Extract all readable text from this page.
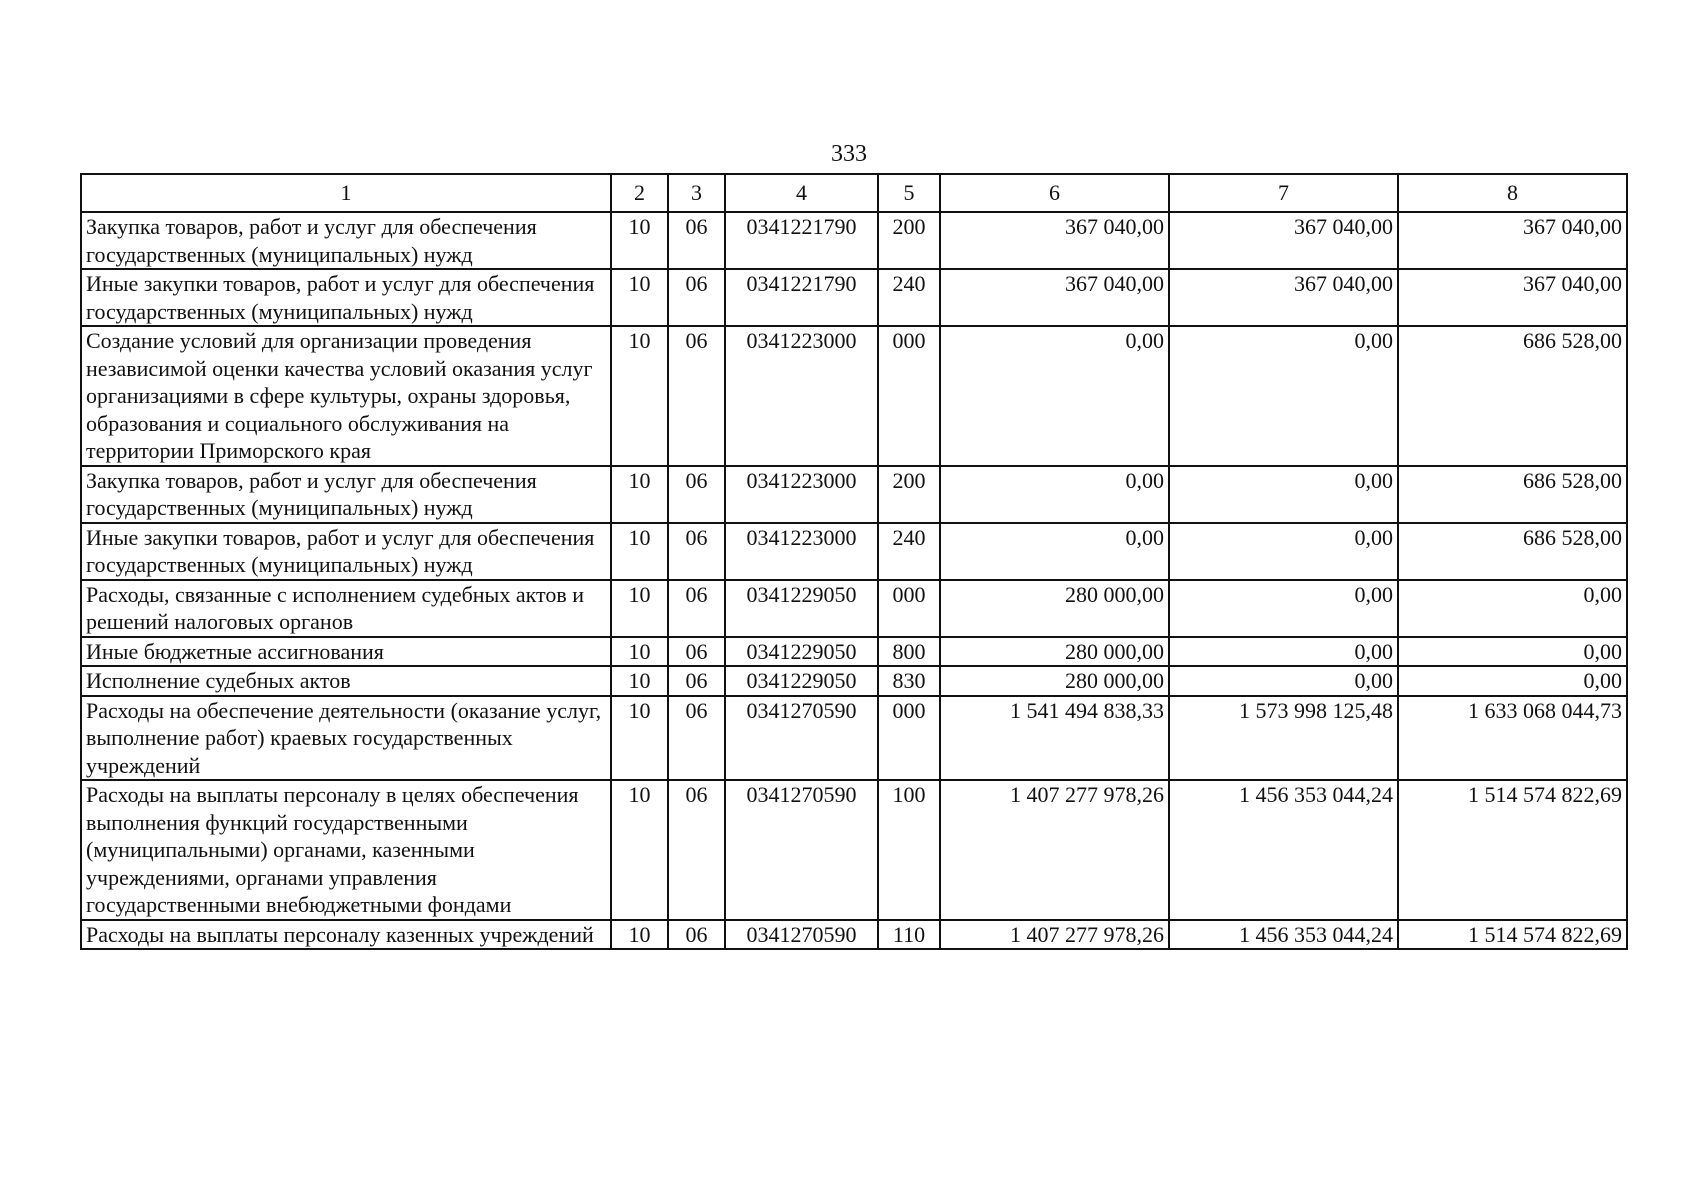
333
1	2	3	4	5	6	7	8
Закупка товаров, работ и услуг для обеспечения государственных (муниципальных) нужд	10	06	0341221790	200	367 040,00	367 040,00	367 040,00
Иные закупки товаров, работ и услуг для обеспечения государственных (муниципальных) нужд	10	06	0341221790	240	367 040,00	367 040,00	367 040,00
Создание условий для организации проведения независимой оценки качества условий оказания услуг организациями в сфере культуры, охраны здоровья, образования и социального обслуживания на территории Приморского края	10	06	0341223000	000	0,00	0,00	686 528,00
Закупка товаров, работ и услуг для обеспечения государственных (муниципальных) нужд	10	06	0341223000	200	0,00	0,00	686 528,00
Иные закупки товаров, работ и услуг для обеспечения государственных (муниципальных) нужд	10	06	0341223000	240	0,00	0,00	686 528,00
Расходы, связанные с исполнением судебных актов и решений налоговых органов	10	06	0341229050	000	280 000,00	0,00	0,00
Иные бюджетные ассигнования	10	06	0341229050	800	280 000,00	0,00	0,00
Исполнение судебных актов	10	06	0341229050	830	280 000,00	0,00	0,00
Расходы на обеспечение деятельности (оказание услуг, выполнение работ) краевых государственных учреждений	10	06	0341270590	000	1 541 494 838,33	1 573 998 125,48	1 633 068 044,73
Расходы на выплаты персоналу в целях обеспечения выполнения функций государственными (муниципальными) органами, казенными учреждениями, органами управления государственными внебюджетными фондами	10	06	0341270590	100	1 407 277 978,26	1 456 353 044,24	1 514 574 822,69
Расходы на выплаты персоналу казенных учреждений	10	06	0341270590	110	1 407 277 978,26	1 456 353 044,24	1 514 574 822,69
